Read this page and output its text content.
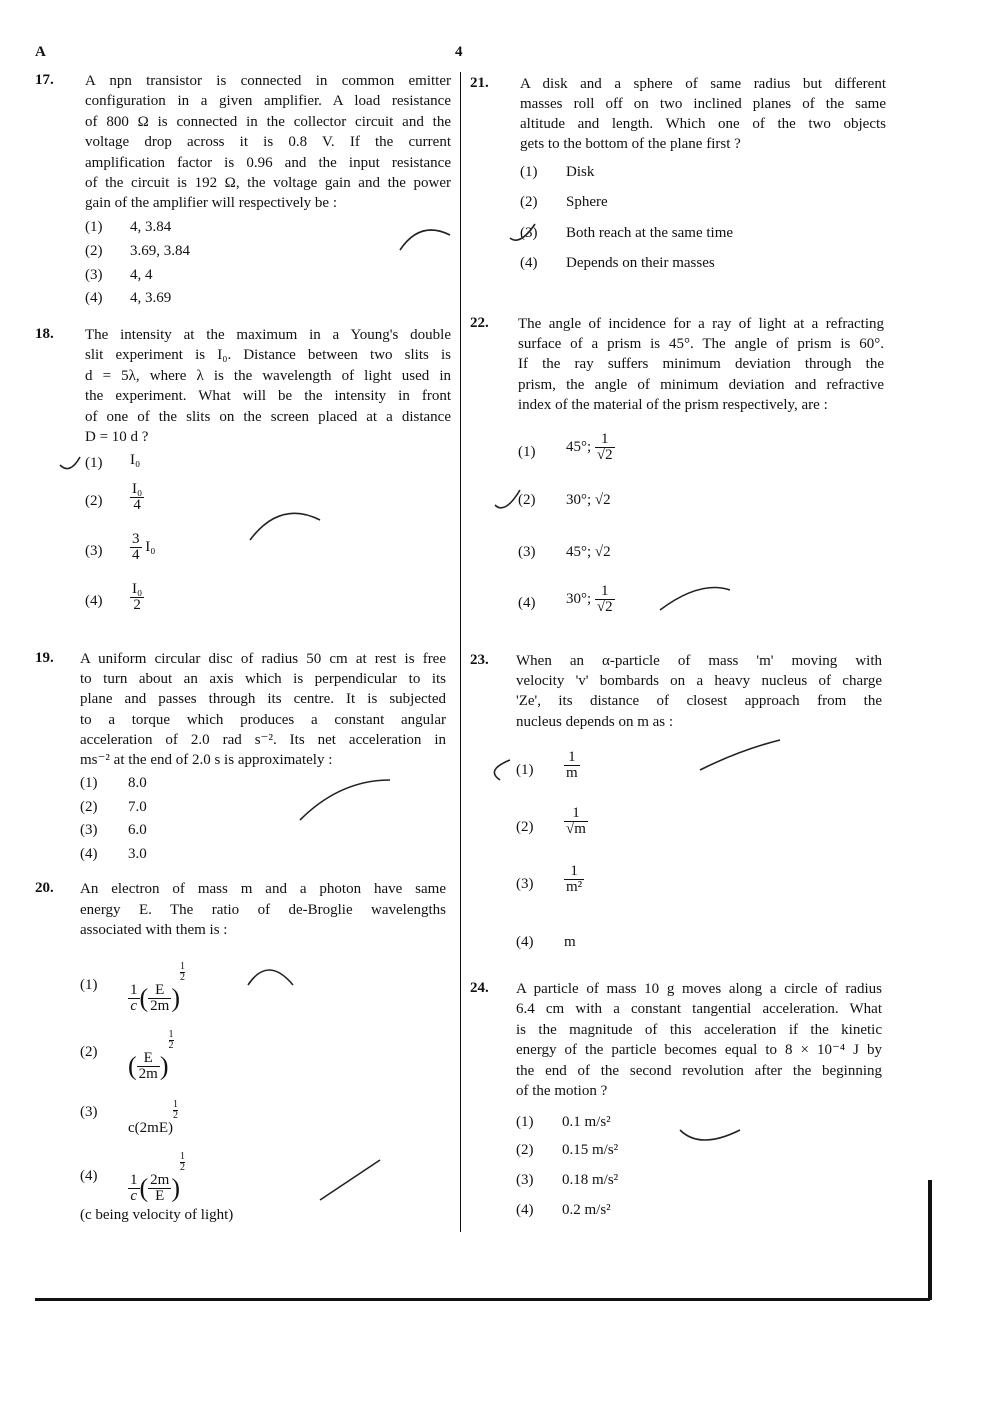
A	4
17. A npn transistor is connected in common emitter
configuration in a given amplifier. A load resistance
of 800 Ω is connected in the collector circuit and the
voltage drop across it is 0.8 V. If the current
amplification factor is 0.96 and the input resistance
of the circuit is 192 Ω, the voltage gain and the power
gain of the amplifier will respectively be :
(1) 4, 3.84
(2) 3.69, 3.84
(3) 4, 4
(4) 4, 3.69
18. The intensity at the maximum in a Young's double
slit experiment is I₀. Distance between two slits is
d = 5λ, where λ is the wavelength of light used in
the experiment. What will be the intensity in front
of one of the slits on the screen placed at a distance
D = 10 d ?
(1)
(2)
(3)
(4)
19. A uniform circular disc of radius 50 cm at rest is free
to turn about an axis which is perpendicular to its
plane and passes through its centre. It is subjected
to a torque which produces a constant angular
acceleration of 2.0 rad s⁻². Its net acceleration in
ms⁻² at the end of 2.0 s is approximately :
(1) 8.0
(2) 7.0
(3) 6.0
(4) 3.0
20. An electron of mass m and a photon have same
energy E. The ratio of de-Broglie wavelengths
associated with them is :
(1)
(2)
(3)
(4)
21. A disk and a sphere of same radius but different
masses roll off on two inclined planes of the same
altitude and length. Which one of the two objects
gets to the bottom of the plane first ?
(1) Disk
(2) Sphere
(3) Both reach at the same time
(4) Depends on their masses
22. The angle of incidence for a ray of light at a refracting
surface of a prism is 45°. The angle of prism is 60°.
If the ray suffers minimum deviation through the
prism, the angle of minimum deviation and refractive
index of the material of the prism respectively, are :
(1)
(2)
(3)
(4)
23. When an α-particle of mass 'm' moving with
velocity 'v' bombards on a heavy nucleus of charge
'Ze', its distance of closest approach from the
nucleus depends on m as :
(1)
(2)
(3)
(4)
24. A particle of mass 10 g moves along a circle of radius
6.4 cm with a constant tangential acceleration. What
is the magnitude of this acceleration if the kinetic
energy of the particle becomes equal to 8 × 10⁻⁴ J by
the end of the second revolution after the beginning
of the motion ?
(1) 0.1 m/s²
(2) 0.15 m/s²
(3) 0.18 m/s²
(4) 0.2 m/s²
I₀
$\frac{\text{I₀}}{4}$
$\frac{3}{4} I_0$
$\frac{\text{I₀}}{2}$
$\frac{1}{c}$ ( $\frac{E}{2m}$ )
$\frac{1}{2}$
( $\frac{E}{2m}$ )
$\frac{1}{2}$
c(2mE)
$\frac{1}{2}$
$\frac{1}{c}$ ( $\frac{2m}{E}$ )
$\frac{1}{2}$
(c being velocity of light)
45°; $\frac{1}{√2}$
30°; √2
45°; √2
30°; $\frac{1}{√2}$
$\frac{1}{m}$
$\frac{1}{√m}$
$\frac{1}{\text{m²}}$
m
